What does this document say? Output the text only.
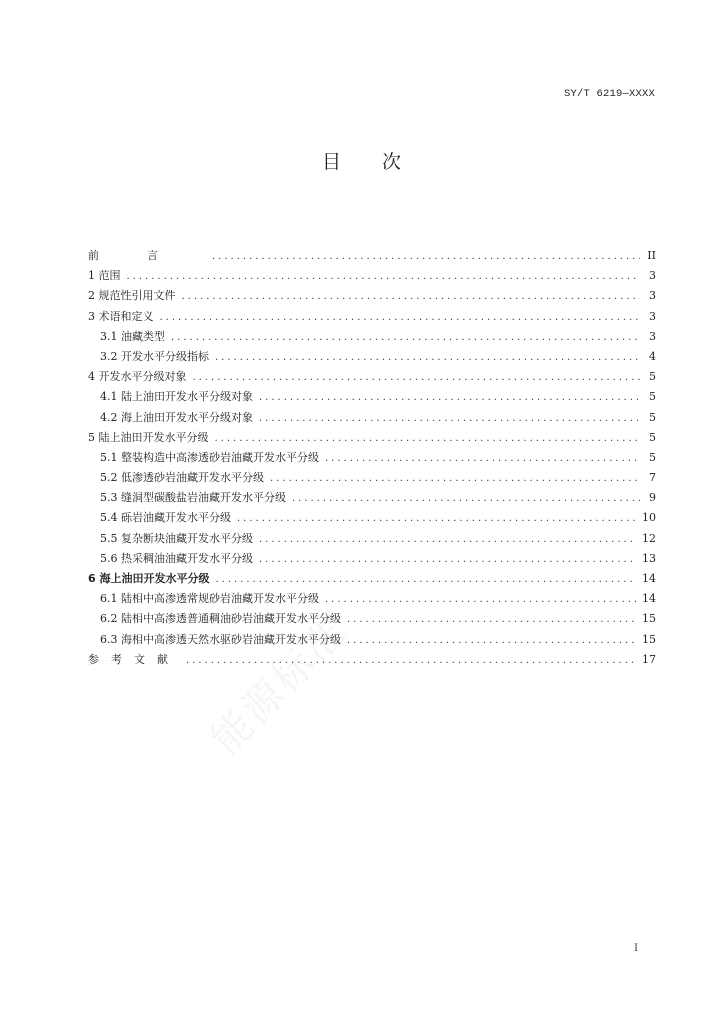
SY/T 6219—XXXX
目 次
前言 .....	II
1 范围 .....	3
2 规范性引用文件 .....	3
3 术语和定义 .....	3
3.1 油藏类型 .....	3
3.2 开发水平分级指标 .....	4
4 开发水平分级对象 .....	5
4.1 陆上油田开发水平分级对象 .....	5
4.2 海上油田开发水平分级对象 .....	5
5 陆上油田开发水平分级 .....	5
5.1 整装构造中高渗透砂岩油藏开发水平分级 .....	5
5.2 低渗透砂岩油藏开发水平分级 .....	7
5.3 缝洞型碳酸盐岩油藏开发水平分级 .....	9
5.4 砾岩油藏开发水平分级 .....	10
5.5 复杂断块油藏开发水平分级 .....	12
5.6 热采稠油油藏开发水平分级 .....	13
6 海上油田开发水平分级 .....	14
6.1 陆相中高渗透常规砂岩油藏开发水平分级 .....	14
6.2 陆相中高渗透普通稠油砂岩油藏开发水平分级 .....	15
6.3 海相中高渗透天然水驱砂岩油藏开发水平分级 .....	15
参考文献 .....	17
I
